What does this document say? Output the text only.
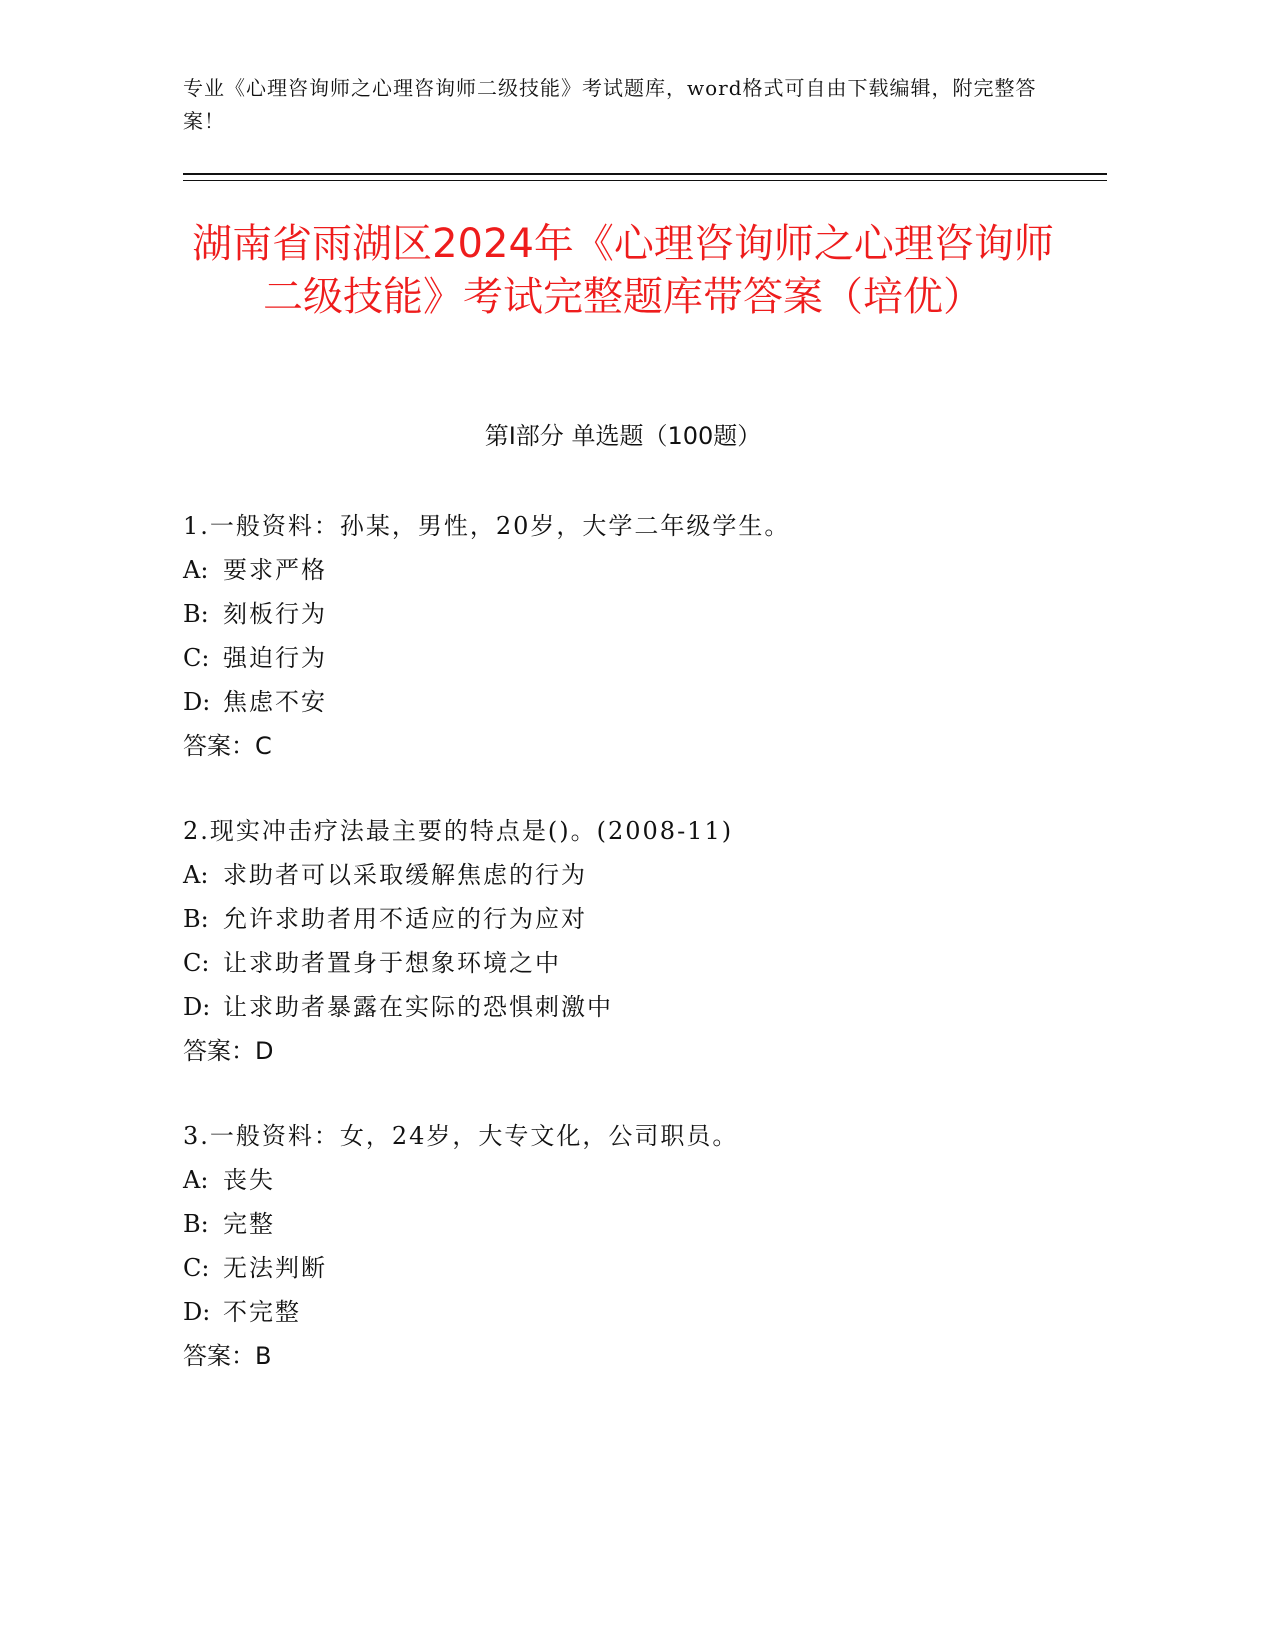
专业《心理咨询师之心理咨询师二级技能》考试题库，word格式可自由下载编辑，附完整答案！
湖南省雨湖区2024年《心理咨询师之心理咨询师二级技能》考试完整题库带答案（培优）
第I部分 单选题（100题）
1.一般资料：孙某，男性，20岁，大学二年级学生。
A: 要求严格
B: 刻板行为
C: 强迫行为
D: 焦虑不安
答案：C
2.现实冲击疗法最主要的特点是()。(2008-11)
A: 求助者可以采取缓解焦虑的行为
B: 允许求助者用不适应的行为应对
C: 让求助者置身于想象环境之中
D: 让求助者暴露在实际的恐惧刺激中
答案：D
3.一般资料：女，24岁，大专文化，公司职员。
A: 丧失
B: 完整
C: 无法判断
D: 不完整
答案：B
